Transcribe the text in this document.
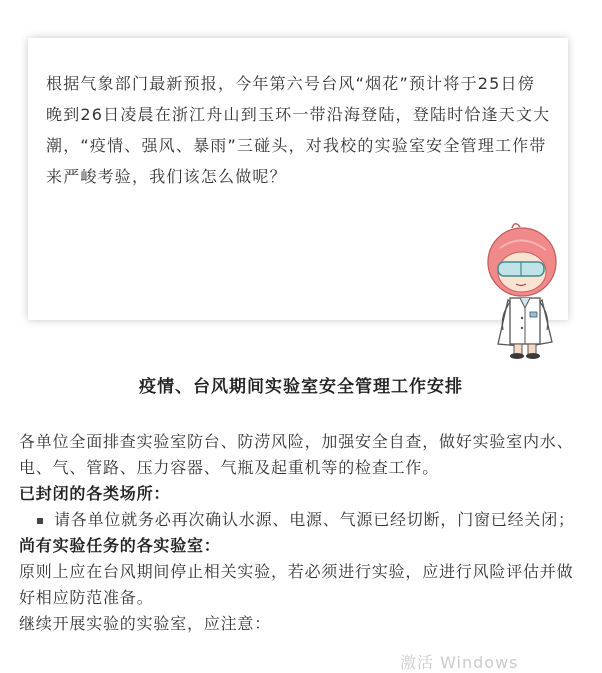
根据气象部门最新预报，今年第六号台风“烟花”预计将于25日傍晚到26日凌晨在浙江舟山到玉环一带沿海登陆，登陆时恰逢天文大潮，“疫情、强风、暴雨”三碰头，对我校的实验室安全管理工作带来严峻考验，我们该怎么做呢？

疫情、台风期间实验室安全管理工作安排

各单位全面排查实验室防台、防涝风险，加强安全自查，做好实验室内水、电、气、管路、压力容器、气瓶及起重机等的检查工作。

已封闭的各类场所：

请各单位就务必再次确认水源、电源、气源已经切断，门窗已经关闭；

尚有实验任务的各实验室：

原则上应在台风期间停止相关实验，若必须进行实验，应进行风险评估并做好相应防范准备。

继续开展实验的实验室，应注意：

激活 Windows
